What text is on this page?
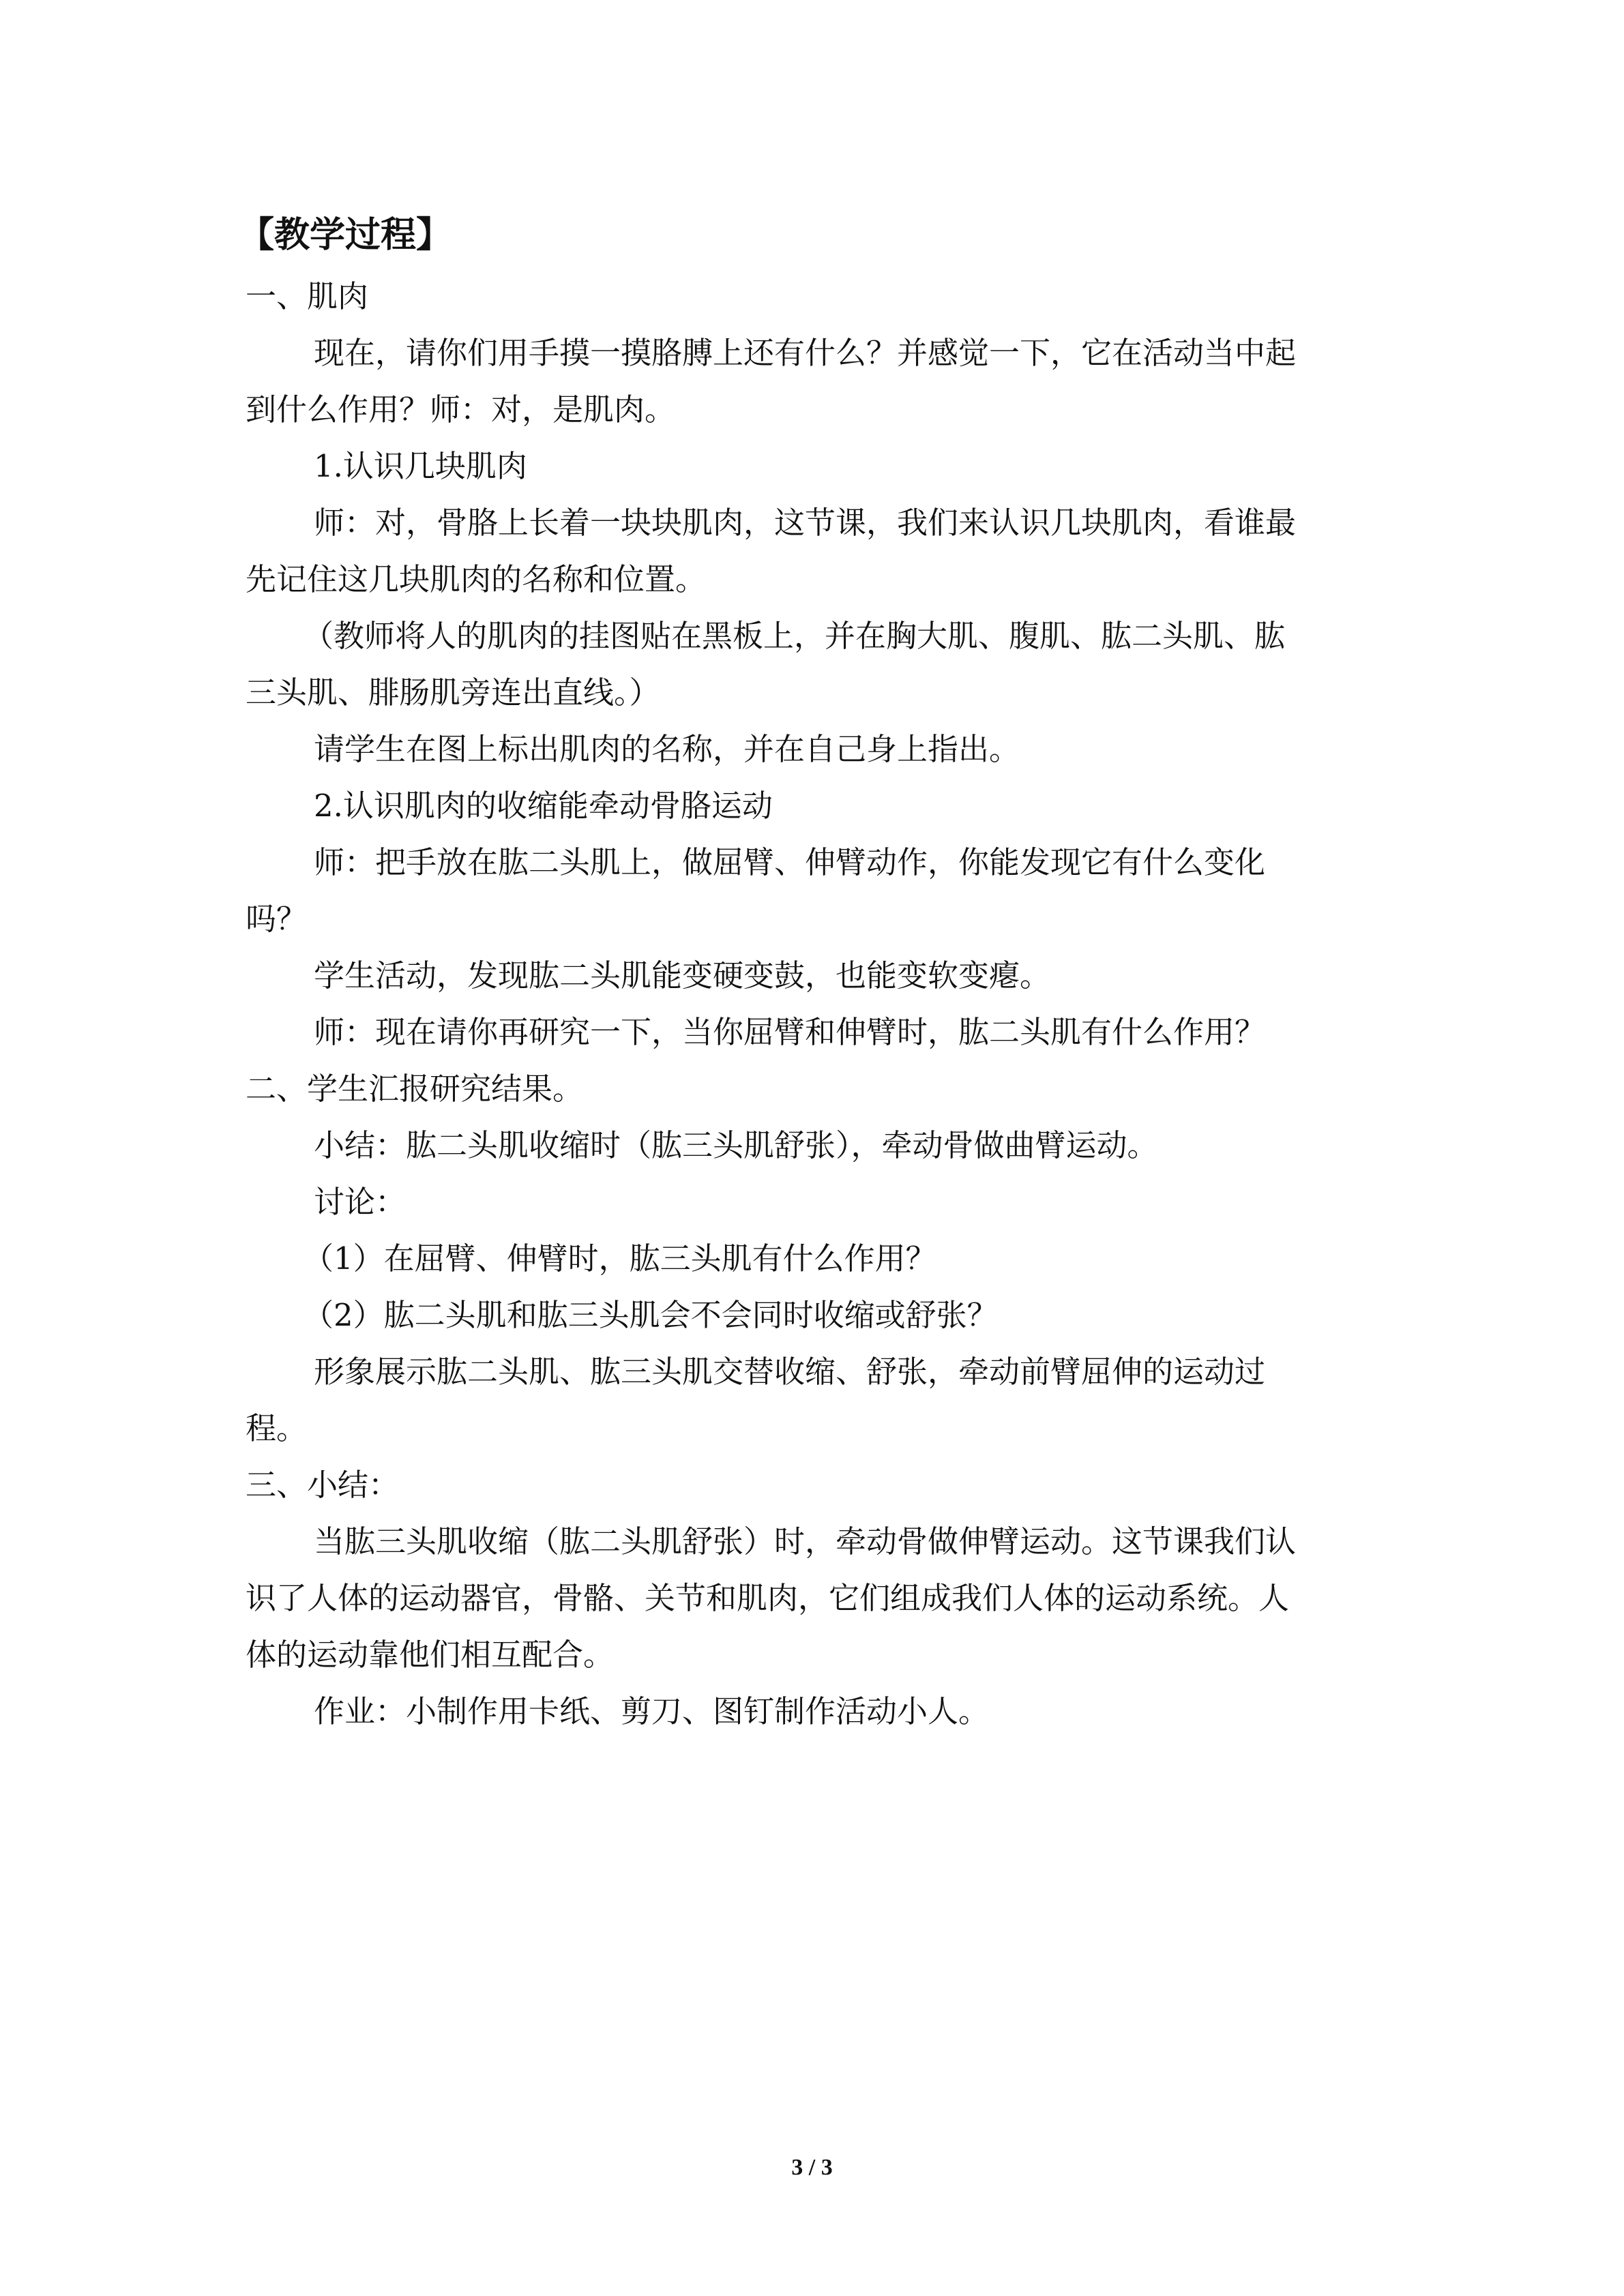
【教学过程】

一、肌肉

现在，请你们用手摸一摸胳膊上还有什么？并感觉一下，它在活动当中起
到什么作用？师：对，是肌肉。

1.认识几块肌肉

师：对，骨胳上长着一块块肌肉，这节课，我们来认识几块肌肉，看谁最
先记住这几块肌肉的名称和位置。

（教师将人的肌肉的挂图贴在黑板上，并在胸大肌、腹肌、肱二头肌、肱
三头肌、腓肠肌旁连出直线。）

请学生在图上标出肌肉的名称，并在自己身上指出。

2.认识肌肉的收缩能牵动骨胳运动

师：把手放在肱二头肌上，做屈臂、伸臂动作，你能发现它有什么变化
吗？

学生活动，发现肱二头肌能变硬变鼓，也能变软变瘪。

师：现在请你再研究一下，当你屈臂和伸臂时，肱二头肌有什么作用？

二、学生汇报研究结果。

小结：肱二头肌收缩时（肱三头肌舒张），牵动骨做曲臂运动。

讨论：

（1）在屈臂、伸臂时，肱三头肌有什么作用？

（2）肱二头肌和肱三头肌会不会同时收缩或舒张？

形象展示肱二头肌、肱三头肌交替收缩、舒张，牵动前臂屈伸的运动过
程。

三、小结：

当肱三头肌收缩（肱二头肌舒张）时，牵动骨做伸臂运动。这节课我们认
识了人体的运动器官，骨骼、关节和肌肉，它们组成我们人体的运动系统。人
体的运动靠他们相互配合。

作业：小制作用卡纸、剪刀、图钉制作活动小人。

3 / 3
